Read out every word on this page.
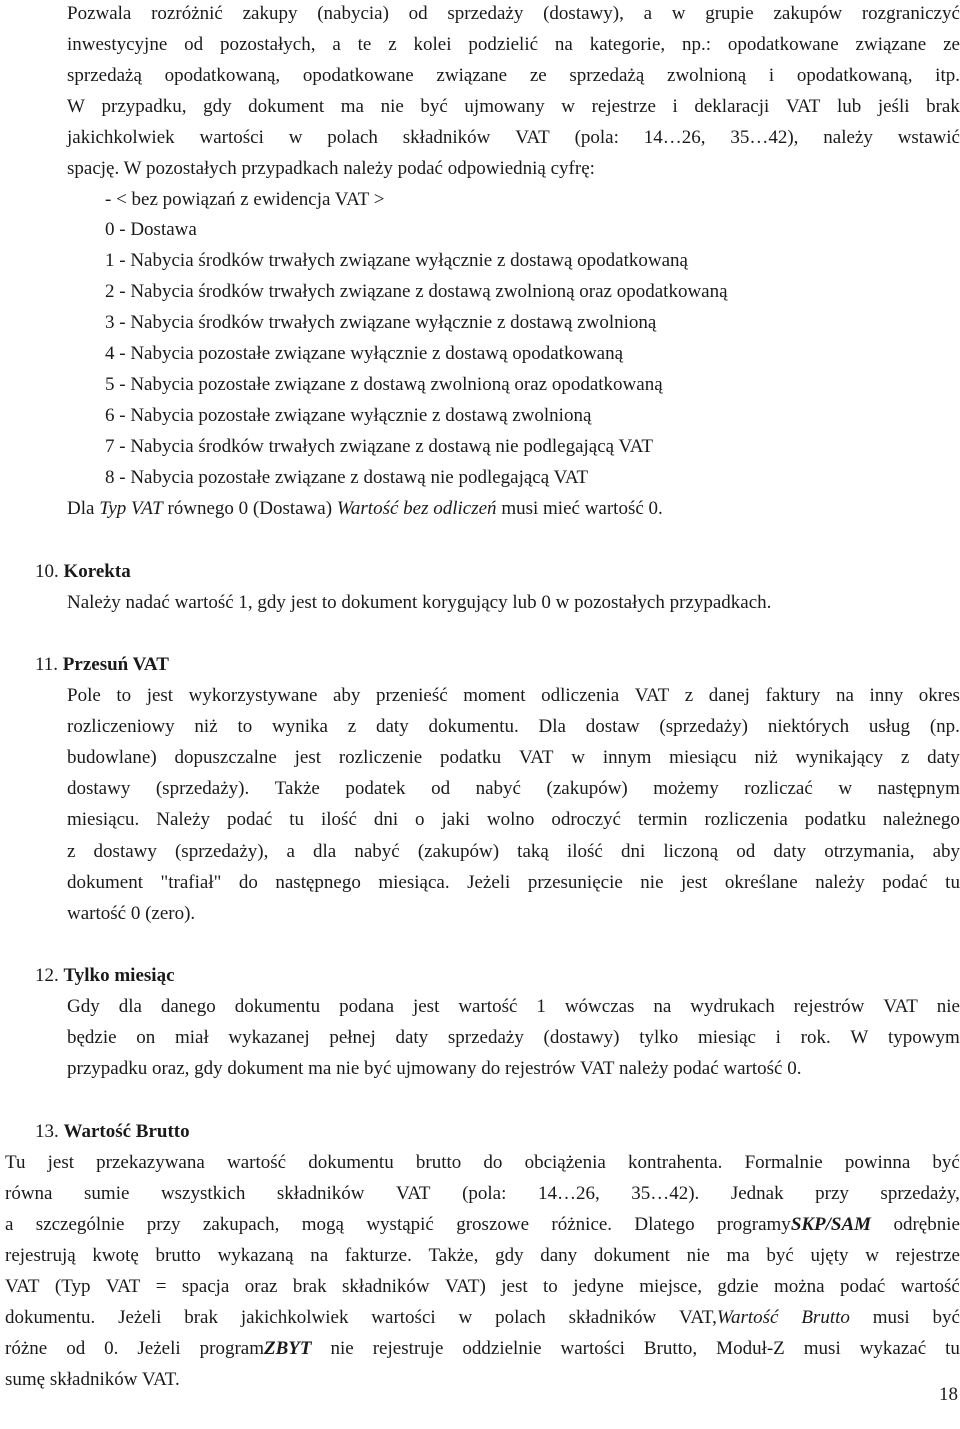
Pozwala rozróżnić zakupy (nabycia) od sprzedaży (dostawy), a w grupie zakupów rozgraniczyć
inwestycyjne od pozostałych, a te z kolei podzielić na kategorie, np.: opodatkowane związane ze
sprzedażą opodatkowaną, opodatkowane związane ze sprzedażą zwolnioną i opodatkowaną, itp.
W przypadku, gdy dokument ma nie być ujmowany w rejestrze i deklaracji VAT lub jeśli brak
jakichkolwiek wartości w polach składników VAT (pola: 14…26, 35…42), należy wstawić
spację. W pozostałych przypadkach należy podać odpowiednią cyfrę:
- < bez powiązań z ewidencja VAT >
0 - Dostawa
1 - Nabycia środków trwałych związane wyłącznie z dostawą opodatkowaną
2 - Nabycia środków trwałych związane z dostawą zwolnioną oraz opodatkowaną
3 - Nabycia środków trwałych związane wyłącznie z dostawą zwolnioną
4 - Nabycia pozostałe związane wyłącznie z dostawą opodatkowaną
5 - Nabycia pozostałe związane z dostawą zwolnioną oraz opodatkowaną
6 - Nabycia pozostałe związane wyłącznie z dostawą zwolnioną
7 - Nabycia środków trwałych związane z dostawą nie podlegającą VAT
8 - Nabycia pozostałe związane z dostawą nie podlegającą VAT
Dla Typ VAT równego 0 (Dostawa) Wartość bez odliczeń musi mieć wartość 0.
10. Korekta
Należy nadać wartość 1, gdy jest to dokument korygujący lub 0 w pozostałych przypadkach.
11. Przesuń VAT
Pole to jest wykorzystywane aby przenieść moment odliczenia VAT z danej faktury na inny okres
rozliczeniowy niż to wynika z daty dokumentu. Dla dostaw (sprzedaży) niektórych usług (np.
budowlane) dopuszczalne jest rozliczenie podatku VAT w innym miesiącu niż wynikający z daty
dostawy (sprzedaży). Także podatek od nabyć (zakupów) możemy rozliczać w następnym
miesiącu. Należy podać tu ilość dni o jaki wolno odroczyć termin rozliczenia podatku należnego
z dostawy (sprzedaży), a dla nabyć (zakupów) taką ilość dni liczoną od daty otrzymania, aby
dokument "trafiał" do następnego miesiąca. Jeżeli przesunięcie nie jest określane należy podać tu
wartość 0 (zero).
12. Tylko miesiąc
Gdy dla danego dokumentu podana jest wartość 1 wówczas na wydrukach rejestrów VAT nie
będzie on miał wykazanej pełnej daty sprzedaży (dostawy) tylko miesiąc i rok. W typowym
przypadku oraz, gdy dokument ma nie być ujmowany do rejestrów VAT należy podać wartość 0.
13. Wartość Brutto
Tu jest przekazywana wartość dokumentu brutto do obciążenia kontrahenta. Formalnie powinna być
równa sumie wszystkich składników VAT (pola: 14…26, 35…42). Jednak przy sprzedaży,
a szczególnie przy zakupach, mogą wystąpić groszowe różnice. Dlatego programySKP/SAM odrębnie
rejestrują kwotę brutto wykazaną na fakturze. Także, gdy dany dokument nie ma być ujęty w rejestrze
VAT (Typ VAT = spacja oraz brak składników VAT) jest to jedyne miejsce, gdzie można podać wartość
dokumentu. Jeżeli brak jakichkolwiek wartości w polach składników VAT,Wartość Brutto musi być
różne od 0. Jeżeli programZBYT nie rejestruje oddzielnie wartości Brutto, Moduł-Z musi wykazać tu
sumę składników VAT.
18
